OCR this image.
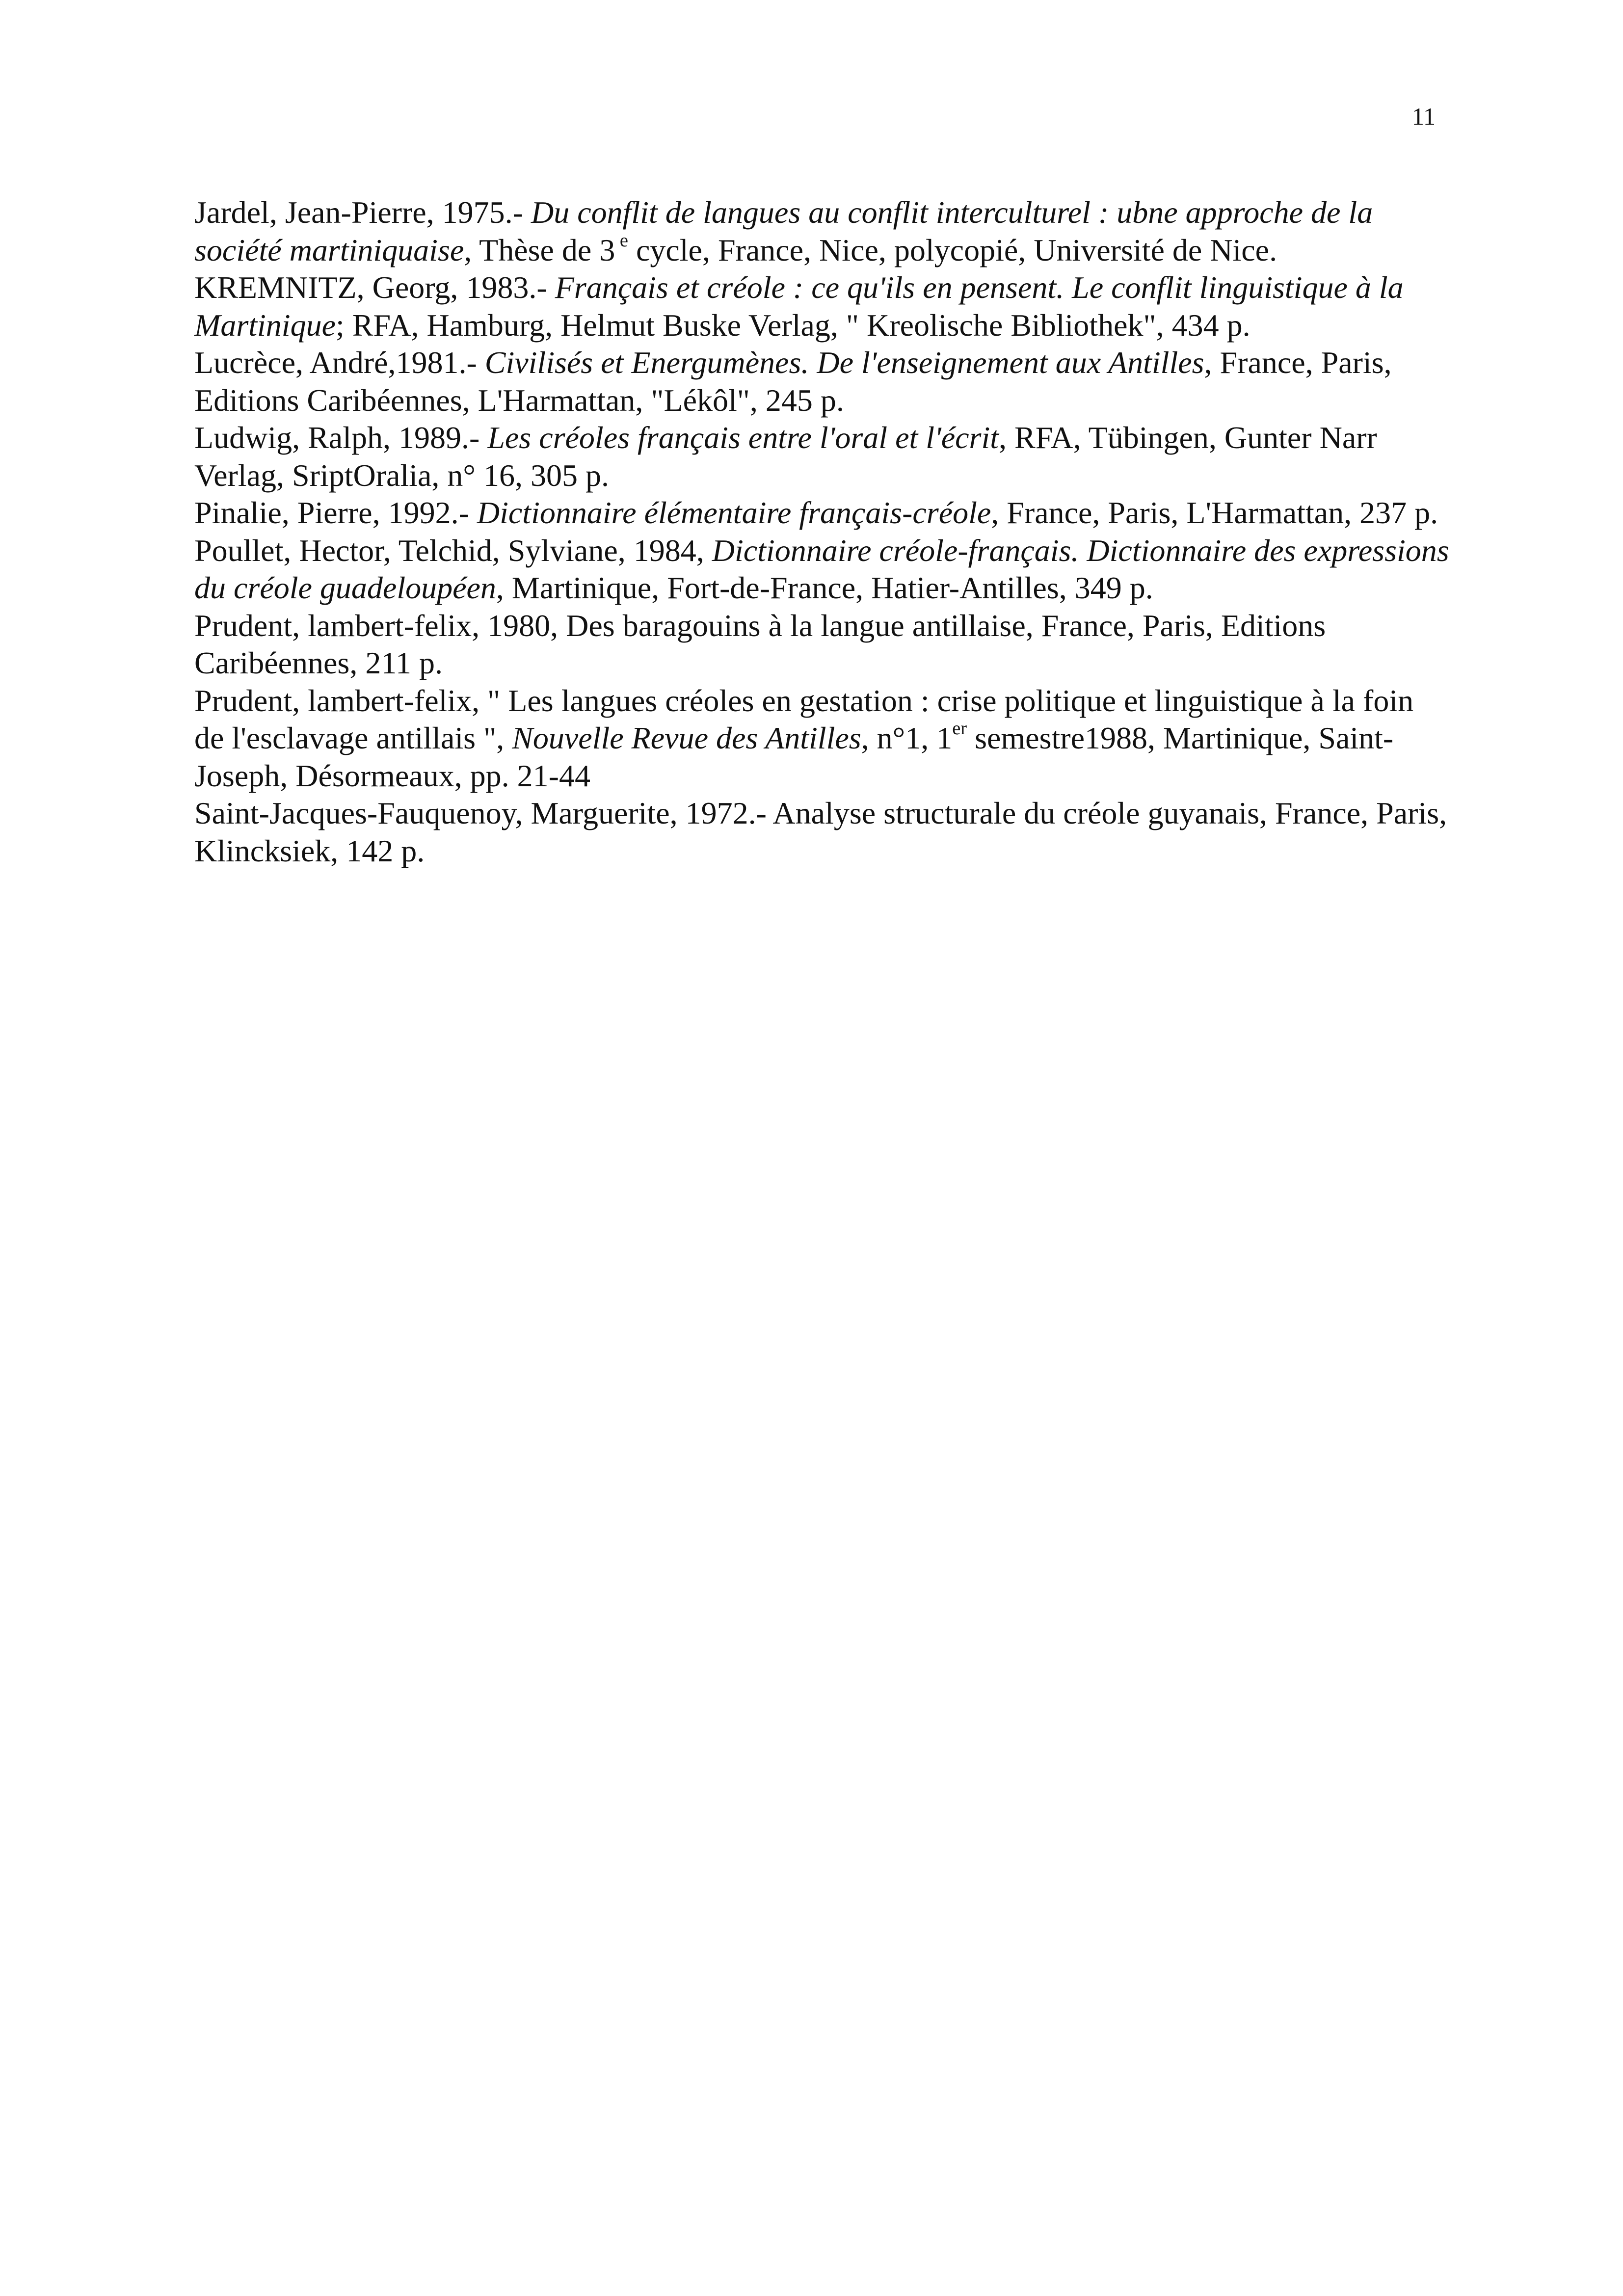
11
Jardel, Jean-Pierre, 1975.- Du conflit de langues au conflit interculturel : ubne approche de la société martiniquaise, Thèse de 3 $^e$ cycle, France, Nice, polycopié, Université de Nice.
KREMNITZ, Georg, 1983.- Français et créole : ce qu'ils en pensent. Le conflit linguistique à la Martinique; RFA, Hamburg, Helmut Buske Verlag, " Kreolische Bibliothek", 434 p.
Lucrèce, André,1981.- Civilisés et Energumènes. De l'enseignement aux Antilles, France, Paris, Editions Caribéennes, L'Harmattan, "Lékôl", 245 p.
Ludwig, Ralph, 1989.- Les créoles français entre l'oral et l'écrit, RFA, Tübingen, Gunter Narr Verlag, SriptOralia, n° 16, 305 p.
Pinalie, Pierre, 1992.- Dictionnaire élémentaire français-créole, France, Paris, L'Harmattan, 237 p.
Poullet, Hector, Telchid, Sylviane, 1984, Dictionnaire créole-français. Dictionnaire des expressions du créole guadeloupéen, Martinique, Fort-de-France, Hatier-Antilles, 349 p.
Prudent, lambert-felix, 1980, Des baragouins à la langue antillaise, France, Paris, Editions Caribéennes, 211 p.
Prudent, lambert-felix, " Les langues créoles en gestation : crise politique et linguistique à la foin de l'esclavage antillais ", Nouvelle Revue des Antilles, n°1, 1er semestre1988, Martinique, Saint-Joseph, Désormeaux, pp. 21-44
Saint-Jacques-Fauquenoy, Marguerite, 1972.- Analyse structurale du créole guyanais, France, Paris, Klincksiek, 142 p.
